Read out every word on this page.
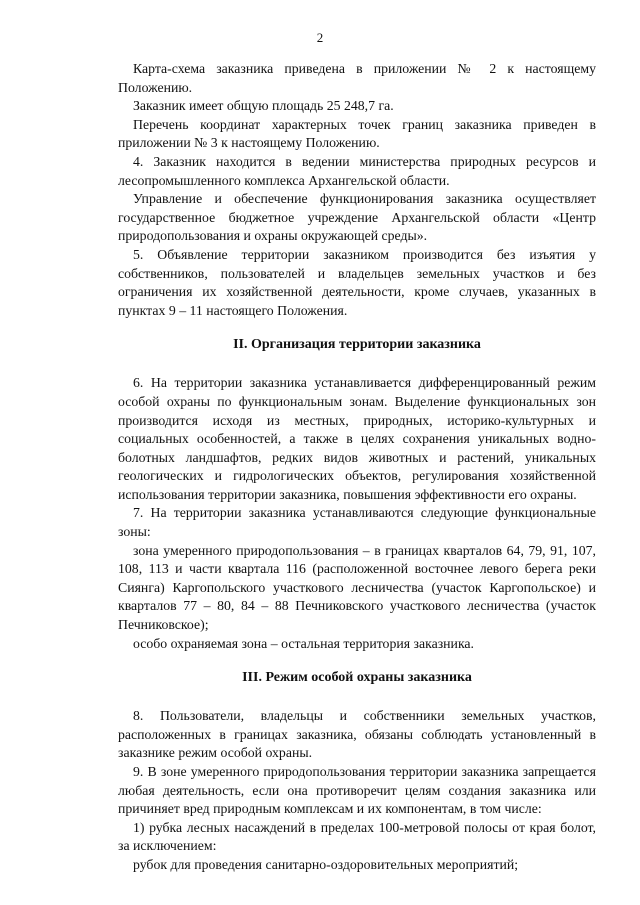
2

Карта-схема заказника приведена в приложении № 2 к настоящему Положению.

Заказник имеет общую площадь 25 248,7 га.

Перечень координат характерных точек границ заказника приведен в приложении № 3 к настоящему Положению.

4. Заказник находится в ведении министерства природных ресурсов и лесопромышленного комплекса Архангельской области.

Управление и обеспечение функционирования заказника осуществляет государственное бюджетное учреждение Архангельской области «Центр природопользования и охраны окружающей среды».

5. Объявление территории заказником производится без изъятия у собственников, пользователей и владельцев земельных участков и без ограничения их хозяйственной деятельности, кроме случаев, указанных в пунктах 9 – 11 настоящего Положения.

II. Организация территории заказника

6. На территории заказника устанавливается дифференцированный режим особой охраны по функциональным зонам. Выделение функциональных зон производится исходя из местных, природных, историко-культурных и социальных особенностей, а также в целях сохранения уникальных водно-болотных ландшафтов, редких видов животных и растений, уникальных геологических и гидрологических объектов, регулирования хозяйственной использования территории заказника, повышения эффективности его охраны.

7. На территории заказника устанавливаются следующие функциональные зоны:

зона умеренного природопользования – в границах кварталов 64, 79, 91, 107, 108, 113 и части квартала 116 (расположенной восточнее левого берега реки Сиянга) Каргопольского участкового лесничества (участок Каргопольское) и кварталов 77 – 80, 84 – 88 Печниковского участкового лесничества (участок Печниковское);

особо охраняемая зона – остальная территория заказника.

III. Режим особой охраны заказника

8. Пользователи, владельцы и собственники земельных участков, расположенных в границах заказника, обязаны соблюдать установленный в заказнике режим особой охраны.

9. В зоне умеренного природопользования территории заказника запрещается любая деятельность, если она противоречит целям создания заказника или причиняет вред природным комплексам и их компонентам, в том числе:

1) рубка лесных насаждений в пределах 100-метровой полосы от края болот, за исключением:

рубок для проведения санитарно-оздоровительных мероприятий;
